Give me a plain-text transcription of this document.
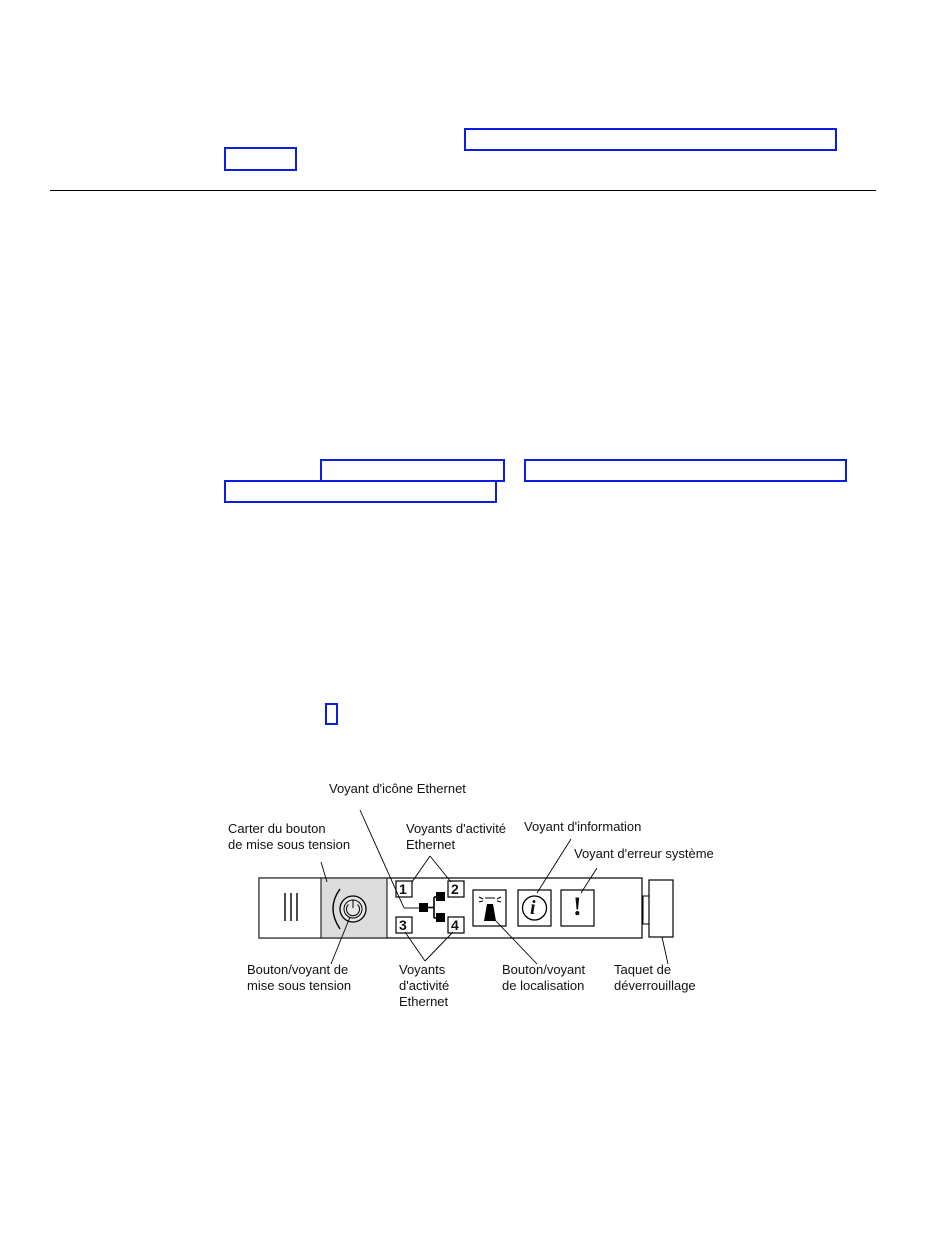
1	2
3	4
i !
Voyant d'icône Ethernet
Carter du bouton
de mise sous tension
Voyants d'activité
Ethernet
Voyant d'information
Voyant d'erreur système
Bouton/voyant de
mise sous tension
Voyants
d'activité
Ethernet
Bouton/voyant
de localisation
Taquet de
déverrouillage
